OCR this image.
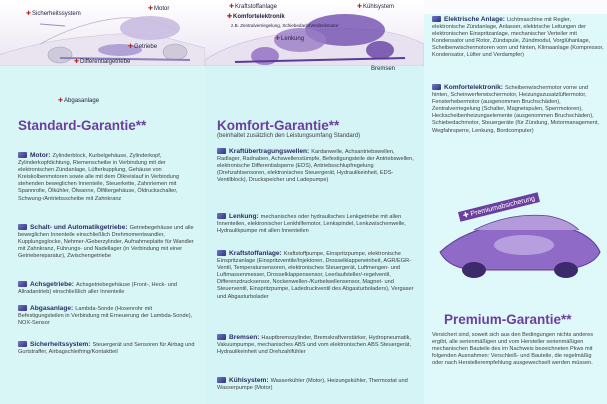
✚Sicherheitssystem
✚Motor
✚Getriebe
✚Differentialgetriebe
✚Abgasanlage
Standard-Garantie**
Motor: Zylinderblock, Kurbelgehäuse, Zylinderkopf, Zylinderkopfdichtung, Riemenscheibe in Verbindung mit der elektronischen Zündanlage, Lüfterkupplung, Gehäuse von Kreiskolbenmotoren sowie alle mit dem Ölkreislauf in Verbindung stehenden beweglichen Innenteile, Steuerkette, Zahnriemen mit Spannrolle, Ölkühler, Ölwanne, Ölfiltergehäuse, Öldruckschalter, Schwung-/Antriebsscheibe mit Zahnkranz
Schalt- und Automatikgetriebe: Getriebegehäuse und alle beweglichen Innenteile einschließlich Drehmomentwandler, Kupplungsglocke, Nehmer-/Geberzylinder, Aufnahmeplatte für Wandler mit Zahnkranz, Führungs- und Nadellager (in Verbindung mit einer Getriebereparatur), Zwischengetriebe
Achsgetriebe: Achsgetriebegehäuse (Front-, Heck- und Allradantrieb) einschließlich aller Innenteile
Abgasanlage: Lambda-Sonde (Hosenrohr mit Befestigungsteilen in Verbindung mit Erneuerung der Lambda-Sonde), NOX-Sensor
Sicherheitssystem: Steuergerät und Sensoren für Airbag und Gurtstraffer, Airbagschleifring/Kontaktteil
✚Kraftstoffanlage
✚Komfortelektronik
z.B. Zentralverriegelung, Schiebedach/Verdeckmotor
✚Kühlsystem
✚Lenkung
Bremsen
Komfort-Garantie**
(beinhaltet zusätzlich den Leistungsumfang Standard)
Kraftübertragungswellen: Kardanwelle, Achsantriebswellen, Radlager, Radnaben, Achswellenstümpfe, Befestigungsteile der Antriebswellen, elektronische Differentialsperre (EDS), Antriebsschlupfregelung (Drehzahlsensoren, elektronisches Steuergerät, Hydraulikeinheit, EDS-Ventilblock), Druckspeicher und Ladepumpe)
Lenkung: mechanisches oder hydraulisches Lenkgetriebe mit allen Innenteilen, elektronischer Lenkhilfemotor, Lenkspindel, Lenkzwischenwelle, Hydraulikpumpe mit allen Innenteilen
Kraftstoffanlage: Kraftstoffpumpe, Einspritzpumpe, elektronische Einspritzanlage (Einspritzventile/Injektoren, Drosselklappeneinheit, AGR/EGR-Ventil, Temperatursensoren, elektronisches Steuergerät, Luftmengen- und Luftmassenmesser, Drosselklappensensor, Leerlaufsteller/-regelventil, Differenzdrucksensor, Nockenwellen-/Kurbelwellensensor, Magnet- und Steuerventil, Einspritzpumpe, Ladedruckventil des Abgasturboladers), Vergaser und Abgasturbolader
Bremsen: Hauptbremszylinder, Bremskraftverstärker, Hydropneumatik, Vakuumpumpe, mechanisches ABS und vom elektronischen ABS Steuergerät, Hydraulikeinheit und Drehzahlfühler
Kühlsystem: Wasserkühler (Motor), Heizungskühler, Thermostat und Wasserpumpe (Motor)
Elektrische Anlage: Lichtmaschine mit Regler, elektronische Zündanlage, Anlasser, elektrische Leitungen der elektronischen Einspritzanlage, mechanischer Verteiler mit Kondensator und Rotor, Zündspule, Zündmodul, Vorglühanlage, Scheibenwischermotoren vorn und hinten, Klimaanlage (Kompressor, Kondensator, Lüfter und Verdampfer)
Komfortelektronik: Scheibenwischermotor vorne und hinten, Scheinwerferwischermotor, Heizungszusatzlüftermotor, Fensterhebermotor (ausgenommen Bruchschäden), Zentralverriegelung (Schalter, Magnetspulen, Sperrmotoren), Heckscheibenheizungselemente (ausgenommen Bruchschäden), Schiebedachmotor, Steuergeräte (für Zündung, Motormanagement, Wegfahrsperre, Lenkung, Bordcomputer)
✚ Premiumabsicherung
Premium-Garantie**
Versichert sind, soweit sich aus den Bedingungen nichts anderes ergibt, alle serienmäßigen und vom Hersteller serienmäßigen mechanischen Bauteile des im Nachweis bezeichneten Pkws mit folgenden Ausnahmen: Verschleiß- und Bauteile, die regelmäßig oder nach Herstellerempfehlung ausgewechselt werden müssen.
